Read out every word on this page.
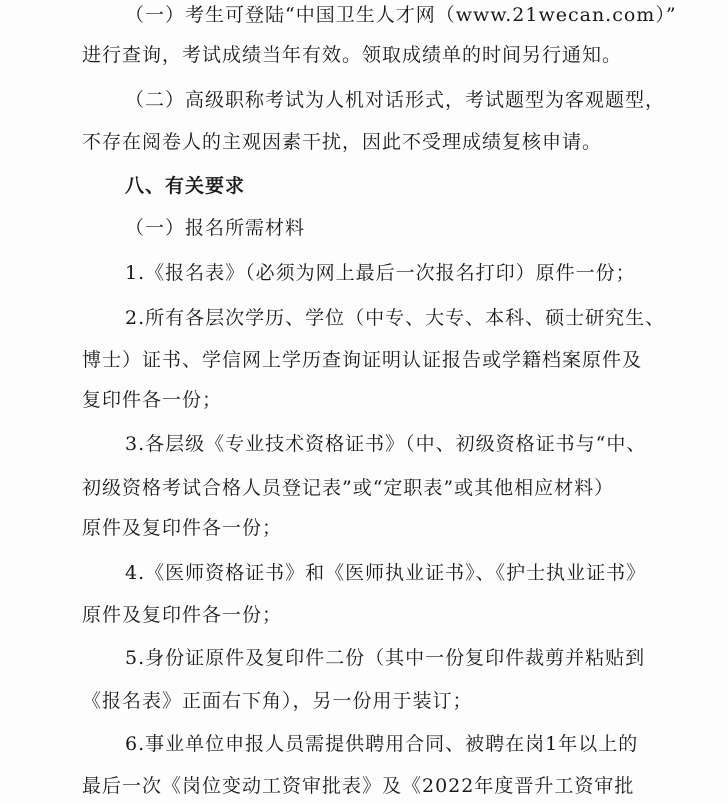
（一）考生可登陆“中国卫生人才网（www.21wecan.com）”
进行查询，考试成绩当年有效。领取成绩单的时间另行通知。
（二）高级职称考试为人机对话形式，考试题型为客观题型，
不存在阅卷人的主观因素干扰，因此不受理成绩复核申请。
八、有关要求
（一）报名所需材料
1.《报名表》（必须为网上最后一次报名打印）原件一份；
2.所有各层次学历、学位（中专、大专、本科、硕士研究生、
博士）证书、学信网上学历查询证明认证报告或学籍档案原件及
复印件各一份；
3.各层级《专业技术资格证书》（中、初级资格证书与“中、
初级资格考试合格人员登记表”或“定职表”或其他相应材料）
原件及复印件各一份；
4.《医师资格证书》和《医师执业证书》、《护士执业证书》
原件及复印件各一份；
5.身份证原件及复印件二份（其中一份复印件裁剪并粘贴到
《报名表》正面右下角），另一份用于装订；
6.事业单位申报人员需提供聘用合同、被聘在岗1年以上的
最后一次《岗位变动工资审批表》及《2022年度晋升工资审批
